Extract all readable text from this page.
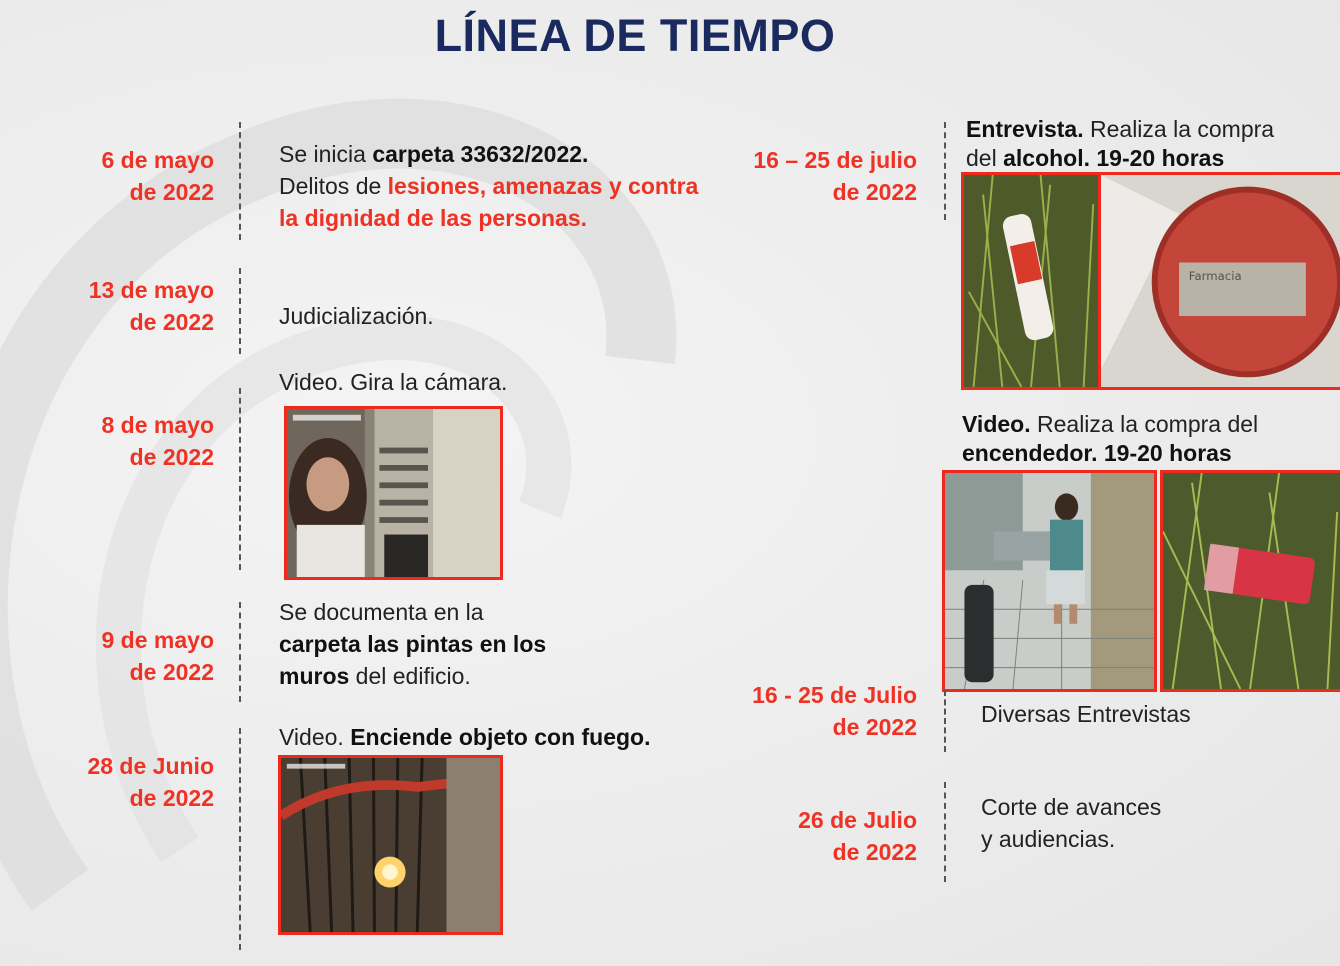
LÍNEA DE TIEMPO
6 de mayo
de 2022
Se inicia carpeta 33632/2022.
Delitos de lesiones, amenazas y contra
la dignidad de las personas.
13 de mayo
de 2022	Judicialización.
8 de mayo
de 2022
Video. Gira la cámara.
9 de mayo
de 2022
Se documenta en la
carpeta las pintas en los
muros del edificio.
28 de Junio
de 2022
Video. Enciende objeto con fuego.
16 – 25 de julio
de 2022
Entrevista. Realiza la compra
del alcohol. 19-20 horas
Farmacia
Video. Realiza la compra del
encendedor. 19-20 horas
16 - 25 de Julio
de 2022	Diversas Entrevistas
26 de Julio
de 2022
Corte de avances
y audiencias.
